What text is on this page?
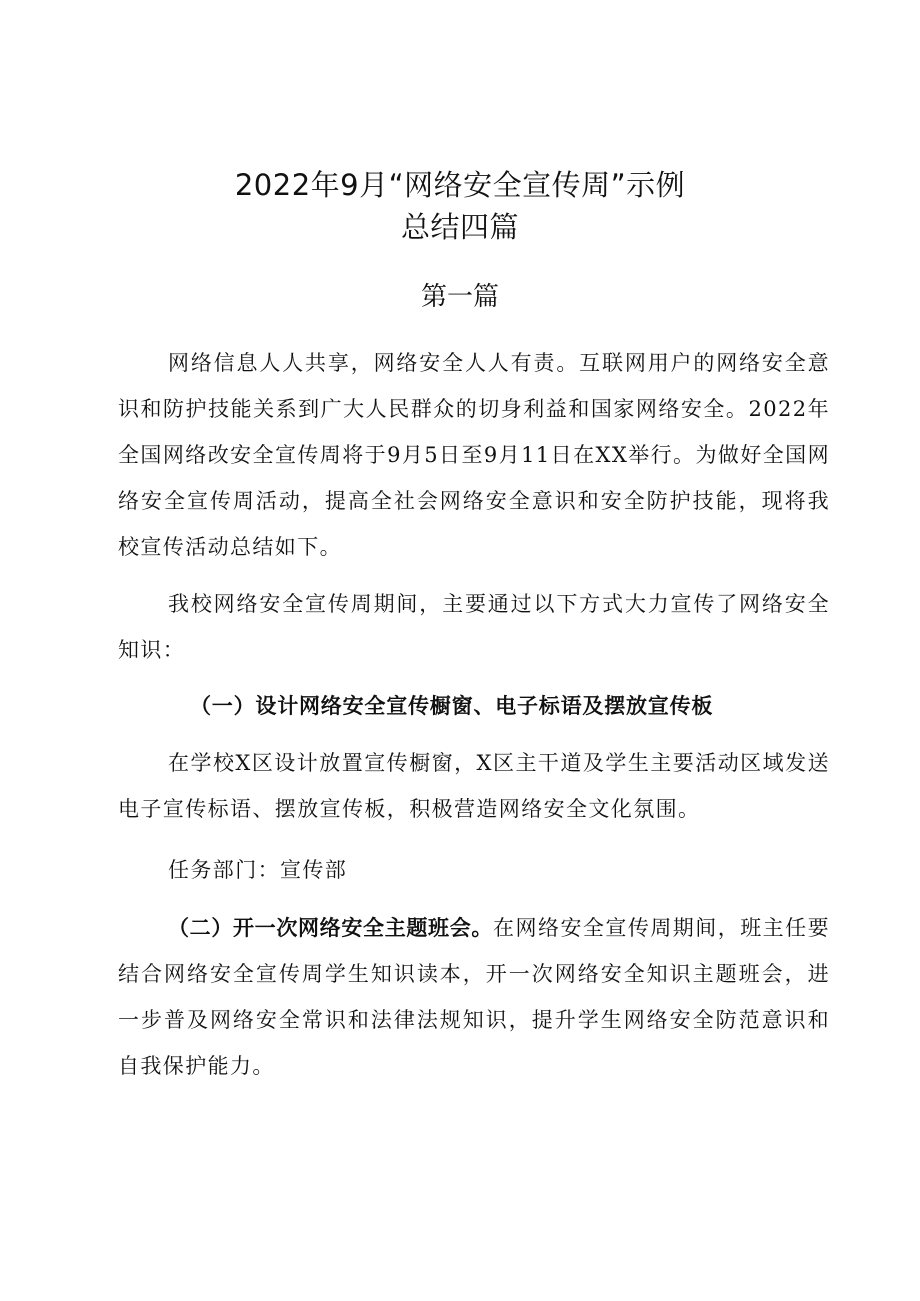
2022年9月“网络安全宣传周”示例
总结四篇
第一篇
网络信息人人共享，网络安全人人有责。互联网用户的网络安全意识和防护技能关系到广大人民群众的切身利益和国家网络安全。2022年全国网络改安全宣传周将于9月5日至9月11日在XX举行。为做好全国网络安全宣传周活动，提高全社会网络安全意识和安全防护技能，现将我校宣传活动总结如下。
我校网络安全宣传周期间，主要通过以下方式大力宣传了网络安全知识：
（一）设计网络安全宣传橱窗、电子标语及摆放宣传板
在学校X区设计放置宣传橱窗，X区主干道及学生主要活动区域发送电子宣传标语、摆放宣传板，积极营造网络安全文化氛围。
任务部门：宣传部
（二）开一次网络安全主题班会。在网络安全宣传周期间，班主任要结合网络安全宣传周学生知识读本，开一次网络安全知识主题班会，进一步普及网络安全常识和法律法规知识，提升学生网络安全防范意识和自我保护能力。
